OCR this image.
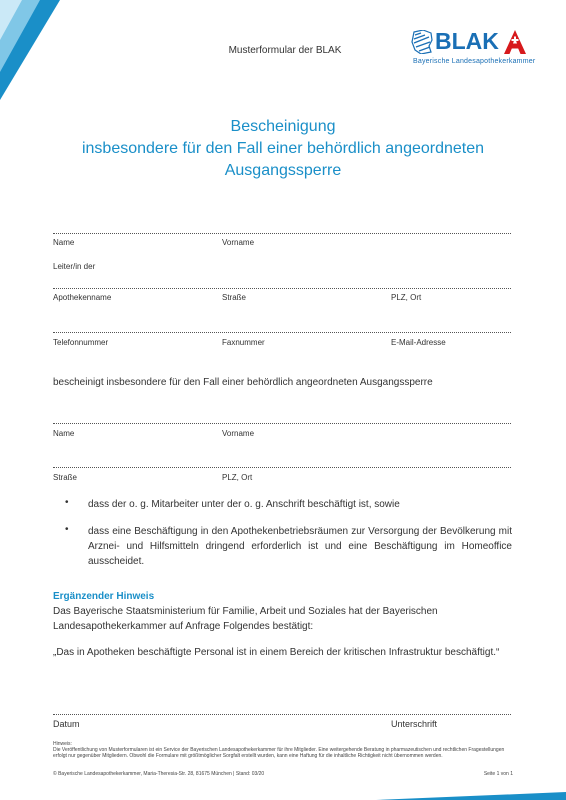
Musterformular der BLAK	BLAK
Bayerische Landesapothekerkammer
Bescheinigung
insbesondere für den Fall einer behördlich angeordneten
Ausgangssperre
Name	Vorname
Leiter/in der
Apothekenname	Straße	PLZ, Ort
Telefonnummer	Faxnummer	E-Mail-Adresse
bescheinigt insbesondere für den Fall einer behördlich angeordneten Ausgangssperre
Name	Vorname
Straße	PLZ, Ort
•	dass der o. g. Mitarbeiter unter der o. g. Anschrift beschäftigt ist, sowie
•	dass eine Beschäftigung in den Apothekenbetriebsräumen zur Versorgung der Bevölkerung mit Arznei- und Hilfsmitteln dringend erforderlich ist und eine Beschäftigung im Homeoffice ausscheidet.
Ergänzender Hinweis
Das Bayerische Staatsministerium für Familie, Arbeit und Soziales hat der Bayerischen Landesapothekerkammer auf Anfrage Folgendes bestätigt:
„Das in Apotheken beschäftigte Personal ist in einem Bereich der kritischen Infrastruktur beschäftigt.“
Datum	Unterschrift
Hinweis:
Die Veröffentlichung von Musterformularen ist ein Service der Bayerischen Landesapothekerkammer für ihre Mitglieder. Eine weitergehende Beratung in pharmazeutischen und rechtlichen Fragestellungen erfolgt nur gegenüber Mitgliedern. Obwohl die Formulare mit größtmöglicher Sorgfalt erstellt wurden, kann eine Haftung für die inhaltliche Richtigkeit nicht übernommen werden.
© Bayerische Landesapothekerkammer, Maria-Theresia-Str. 28, 81675 München | Stand: 03/20	Seite 1 von 1
